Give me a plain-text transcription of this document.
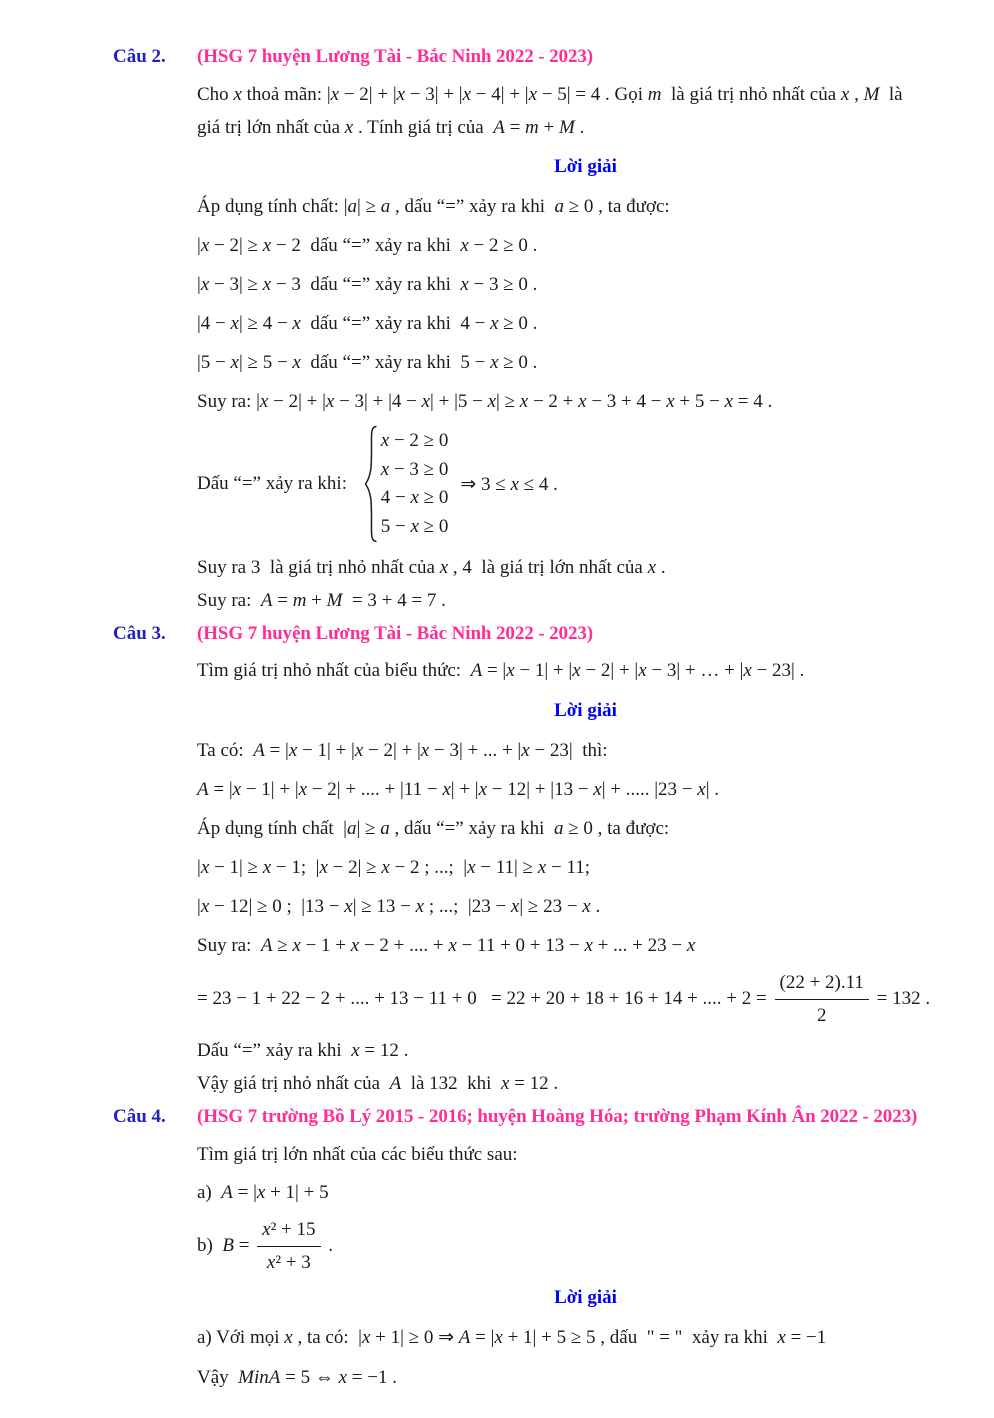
Câu 2.	(HSG 7 huyện Lương Tài - Bắc Ninh 2022 - 2023)
Cho x thoả mãn: |x − 2| + |x − 3| + |x − 4| + |x − 5| = 4 . Gọi m  là giá trị nhỏ nhất của x , M  là
giá trị lớn nhất của x . Tính giá trị của  A = m + M .
Lời giải
Áp dụng tính chất: |a| ≥ a , dấu “=” xảy ra khi  a ≥ 0 , ta được:
|x − 2| ≥ x − 2  dấu “=” xảy ra khi  x − 2 ≥ 0 .
|x − 3| ≥ x − 3  dấu “=” xảy ra khi  x − 3 ≥ 0 .
|4 − x| ≥ 4 − x  dấu “=” xảy ra khi  4 − x ≥ 0 .
|5 − x| ≥ 5 − x  dấu “=” xảy ra khi  5 − x ≥ 0 .
Suy ra: |x − 2| + |x − 3| + |4 − x| + |5 − x| ≥ x − 2 + x − 3 + 4 − x + 5 − x = 4 .
Dấu “=” xảy ra khi:
x − 2 ≥ 0
x − 3 ≥ 0
4 − x ≥ 0
5 − x ≥ 0
⇒ 3 ≤ x ≤ 4 .
Suy ra 3  là giá trị nhỏ nhất của x , 4  là giá trị lớn nhất của x .
Suy ra:  A = m + M  = 3 + 4 = 7 .
Câu 3.	(HSG 7 huyện Lương Tài - Bắc Ninh 2022 - 2023)
Tìm giá trị nhỏ nhất của biểu thức:  A = |x − 1| + |x − 2| + |x − 3| + … + |x − 23| .
Lời giải
Ta có:  A = |x − 1| + |x − 2| + |x − 3| + ... + |x − 23|  thì:
A = |x − 1| + |x − 2| + .... + |11 − x| + |x − 12| + |13 − x| + ..... |23 − x| .
Áp dụng tính chất  |a| ≥ a , dấu “=” xảy ra khi  a ≥ 0 , ta được:
|x − 1| ≥ x − 1;  |x − 2| ≥ x − 2 ; ...;  |x − 11| ≥ x − 11;
|x − 12| ≥ 0 ;  |13 − x| ≥ 13 − x ; ...;  |23 − x| ≥ 23 − x .
Suy ra:  A ≥ x − 1 + x − 2 + .... + x − 11 + 0 + 13 − x + ... + 23 − x
= 23 − 1 + 22 − 2 + .... + 13 − 11 + 0   = 22 + 20 + 18 + 16 + 14 + .... + $2 = \frac{(22 + 2).11}{2} = 132$ .
Dấu “=” xảy ra khi  x = 12 .
Vậy giá trị nhỏ nhất của  A  là 132  khi  x = 12 .
Câu 4.	(HSG 7 trường Bồ Lý 2015 - 2016; huyện Hoàng Hóa; trường Phạm Kính Ân 2022 - 2023)
Tìm giá trị lớn nhất của các biểu thức sau:
a)  A = |x + 1| + 5
b)  $B = \frac{\text{x² + 15}}{\text{x² + 3}}$ .
Lời giải
a) Với mọi x , ta có:  |x + 1| ≥ 0 ⇒ A = |x + 1| + 5 ≥ 5 , dấu  " = "  xảy ra khi  x = −1
Vậy  MinA = 5 ⇔ x = −1 .
